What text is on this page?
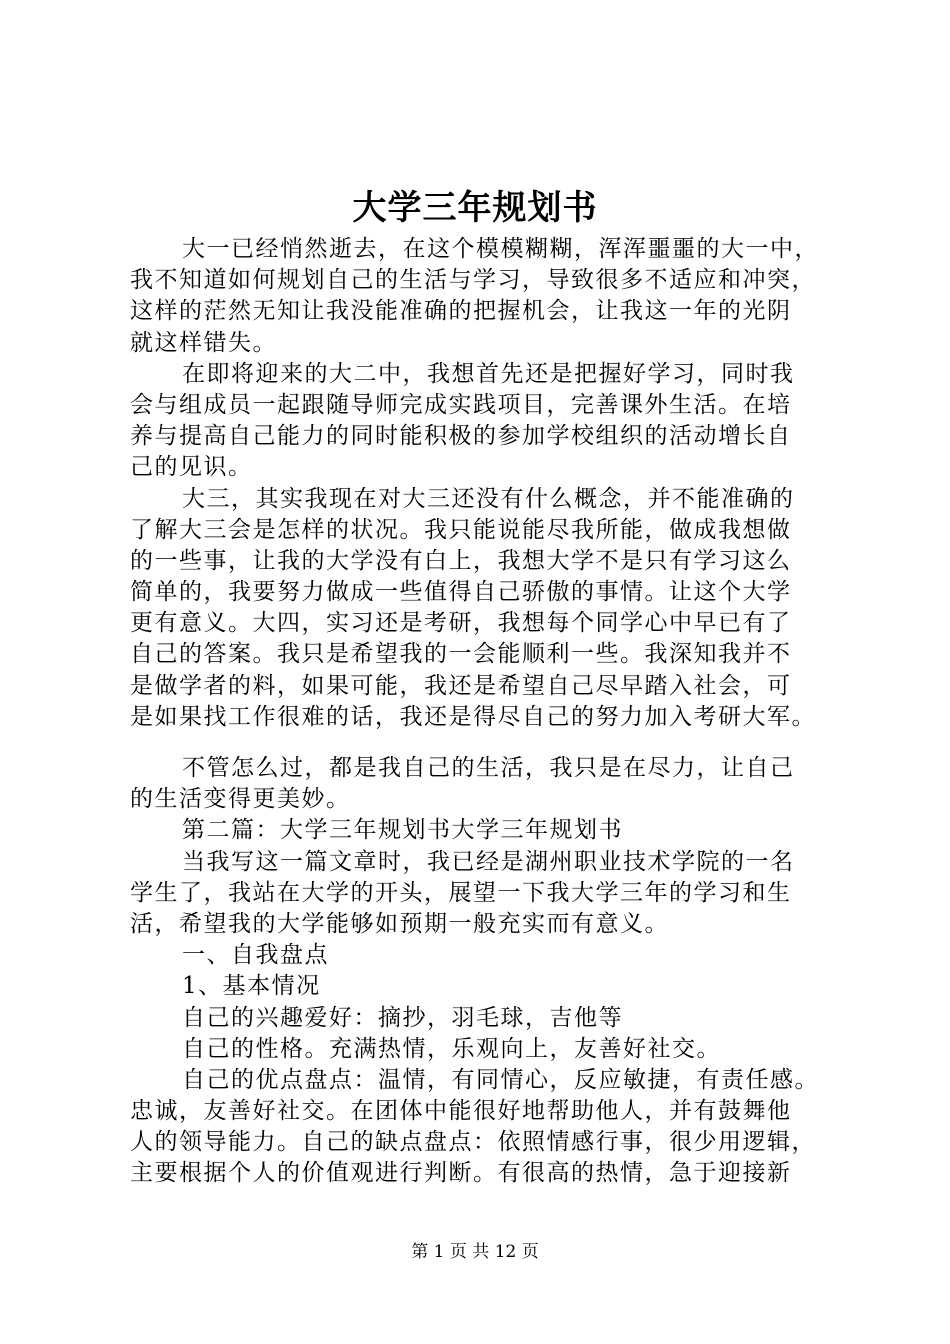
大学三年规划书
大一已经悄然逝去，在这个模模糊糊，浑浑噩噩的大一中，
我不知道如何规划自己的生活与学习，导致很多不适应和冲突，
这样的茫然无知让我没能准确的把握机会，让我这一年的光阴
就这样错失。
在即将迎来的大二中，我想首先还是把握好学习，同时我
会与组成员一起跟随导师完成实践项目，完善课外生活。在培
养与提高自己能力的同时能积极的参加学校组织的活动增长自
己的见识。
大三，其实我现在对大三还没有什么概念，并不能准确的
了解大三会是怎样的状况。我只能说能尽我所能，做成我想做
的一些事，让我的大学没有白上，我想大学不是只有学习这么
简单的，我要努力做成一些值得自己骄傲的事情。让这个大学
更有意义。大四，实习还是考研，我想每个同学心中早已有了
自己的答案。我只是希望我的一会能顺利一些。我深知我并不
是做学者的料，如果可能，我还是希望自己尽早踏入社会，可
是如果找工作很难的话，我还是得尽自己的努力加入考研大军。
不管怎么过，都是我自己的生活，我只是在尽力，让自己
的生活变得更美妙。
第二篇：大学三年规划书大学三年规划书
当我写这一篇文章时，我已经是湖州职业技术学院的一名
学生了，我站在大学的开头，展望一下我大学三年的学习和生
活，希望我的大学能够如预期一般充实而有意义。
一、自我盘点
1、基本情况
自己的兴趣爱好：摘抄，羽毛球，吉他等
自己的性格。充满热情，乐观向上，友善好社交。
自己的优点盘点：温情，有同情心，反应敏捷，有责任感。
忠诚，友善好社交。在团体中能很好地帮助他人，并有鼓舞他
人的领导能力。自己的缺点盘点：依照情感行事，很少用逻辑，
主要根据个人的价值观进行判断。有很高的热情，急于迎接新
第 1 页 共 12 页
